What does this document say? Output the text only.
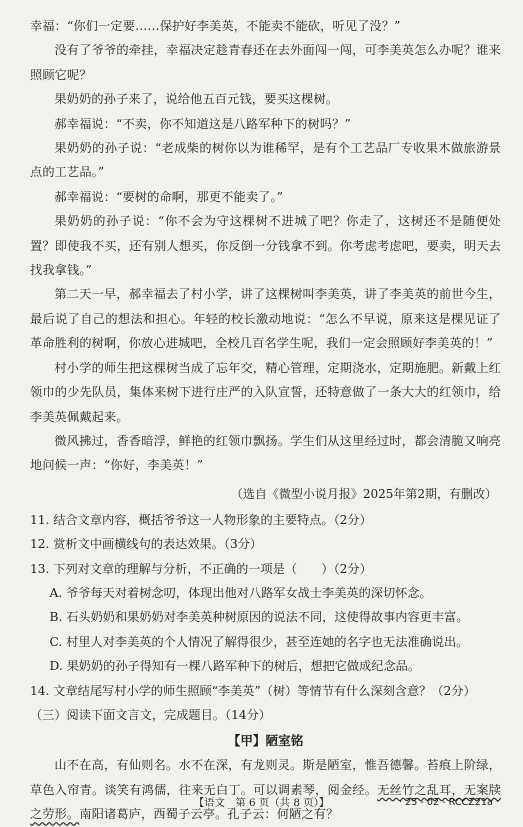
幸福：“你们一定要……保护好李美英，不能卖不能砍，听见了没？”

没有了爷爷的牵挂，幸福决定趁青春还在去外面闯一闯，可李美英怎么办呢？谁来照顾它呢？

果奶奶的孙子来了，说给他五百元钱，要买这棵树。

郝幸福说：“不卖，你不知道这是八路军种下的树吗？”

果奶奶的孙子说：“老成柴的树你以为谁稀罕，是有个工艺品厂专收果木做旅游景点的工艺品。”

郝幸福说：“要树的命啊，那更不能卖了。”

果奶奶的孙子说：“你不会为守这棵树不进城了吧？你走了，这树还不是随便处置？即使我不买，还有别人想买，你反倒一分钱拿不到。你考虑考虑吧，要卖，明天去找我拿钱。”

第二天一早，郝幸福去了村小学，讲了这棵树叫李美英，讲了李美英的前世今生，最后说了自己的想法和担心。年轻的校长激动地说：“怎么不早说，原来这是棵见证了革命胜利的树啊，你放心进城吧，全校几百名学生呢，我们一定会照顾好李美英的！”

村小学的师生把这棵树当成了忘年交，精心管理，定期浇水，定期施肥。新戴上红领巾的少先队员，集体来树下进行庄严的入队宣誓，还特意做了一条大大的红领巾，给李美英佩戴起来。

微风拂过，香香暗浮，鲜艳的红领巾飘扬。学生们从这里经过时，都会清脆又响亮地问候一声：“你好，李美英！”

（选自《微型小说月报》2025年第2期，有删改）

11. 结合文章内容，概括爷爷这一人物形象的主要特点。（2分）

12. 赏析文中画横线句的表达效果。（3分）

13. 下列对文章的理解与分析，不正确的一项是（　　）（2分）

A. 爷爷每天对着树念叨，体现出他对八路军女战士李美英的深切怀念。

B. 石头奶奶和果奶奶对李美英种树原因的说法不同，这使得故事内容更丰富。

C. 村里人对李美英的个人情况了解得很少，甚至连她的名字也无法准确说出。

D. 果奶奶的孙子得知有一棵八路军种下的树后，想把它做成纪念品。

14. 文章结尾写村小学的师生照顾“李美英”（树）等情节有什么深刻含意？（2分）

（三）阅读下面文言文，完成题目。（14分）

【甲】陋室铭

山不在高，有仙则名。水不在深，有龙则灵。斯是陋室，惟吾德馨。苔痕上阶绿，草色入帘青。谈笑有鸿儒，往来无白丁。可以调素琴，阅金经。无丝竹之乱耳，无案牍之劳形。南阳诸葛庐，西蜀子云亭。孔子云：何陋之有？

【语文　第 6 页（共 8 页）】	· 25 - 02 - RCCZ21a ·
